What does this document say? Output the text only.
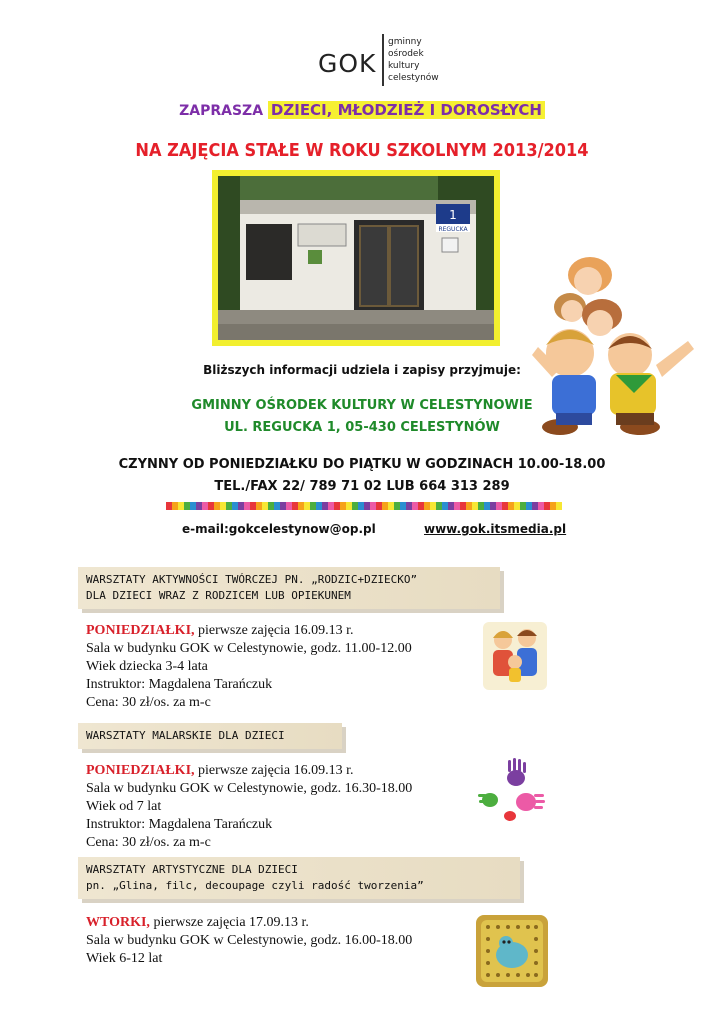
GOK
gminny
ośrodek
kultury
celestynów
ZAPRASZA DZIECI, MŁODZIEŻ I DOROSŁYCH
NA ZAJĘCIA STAŁE W ROKU SZKOLNYM 2013/2014
1
REGUCKA
Bliższych informacji udziela i zapisy przyjmuje:
GMINNY OŚRODEK KULTURY W CELESTYNOWIE
UL. REGUCKA 1, 05-430 CELESTYNÓW
CZYNNY OD PONIEDZIAŁKU DO PIĄTKU W GODZINACH 10.00-18.00
TEL./FAX 22/ 789 71 02 LUB 664 313 289
e-mail:gokcelestynow@op.pl	www.gok.itsmedia.pl
WARSZTATY AKTYWNOŚCI TWÓRCZEJ PN. „RODZIC+DZIECKO”
DLA DZIECI WRAZ Z RODZICEM LUB OPIEKUNEM
PONIEDZIAŁKI, pierwsze zajęcia 16.09.13 r.
Sala w budynku GOK w Celestynowie, godz. 11.00-12.00
Wiek dziecka 3-4 lata
Instruktor: Magdalena Tarańczuk
Cena: 30 zł/os. za m-c
WARSZTATY MALARSKIE DLA DZIECI
PONIEDZIAŁKI, pierwsze zajęcia 16.09.13 r.
Sala w budynku GOK w Celestynowie, godz. 16.30-18.00
Wiek od 7 lat
Instruktor: Magdalena Tarańczuk
Cena: 30 zł/os. za m-c
WARSZTATY ARTYSTYCZNE DLA DZIECI
pn. „Glina, filc, decoupage czyli radość tworzenia”
WTORKI, pierwsze zajęcia 17.09.13 r.
Sala w budynku GOK w Celestynowie, godz. 16.00-18.00
Wiek 6-12 lat
